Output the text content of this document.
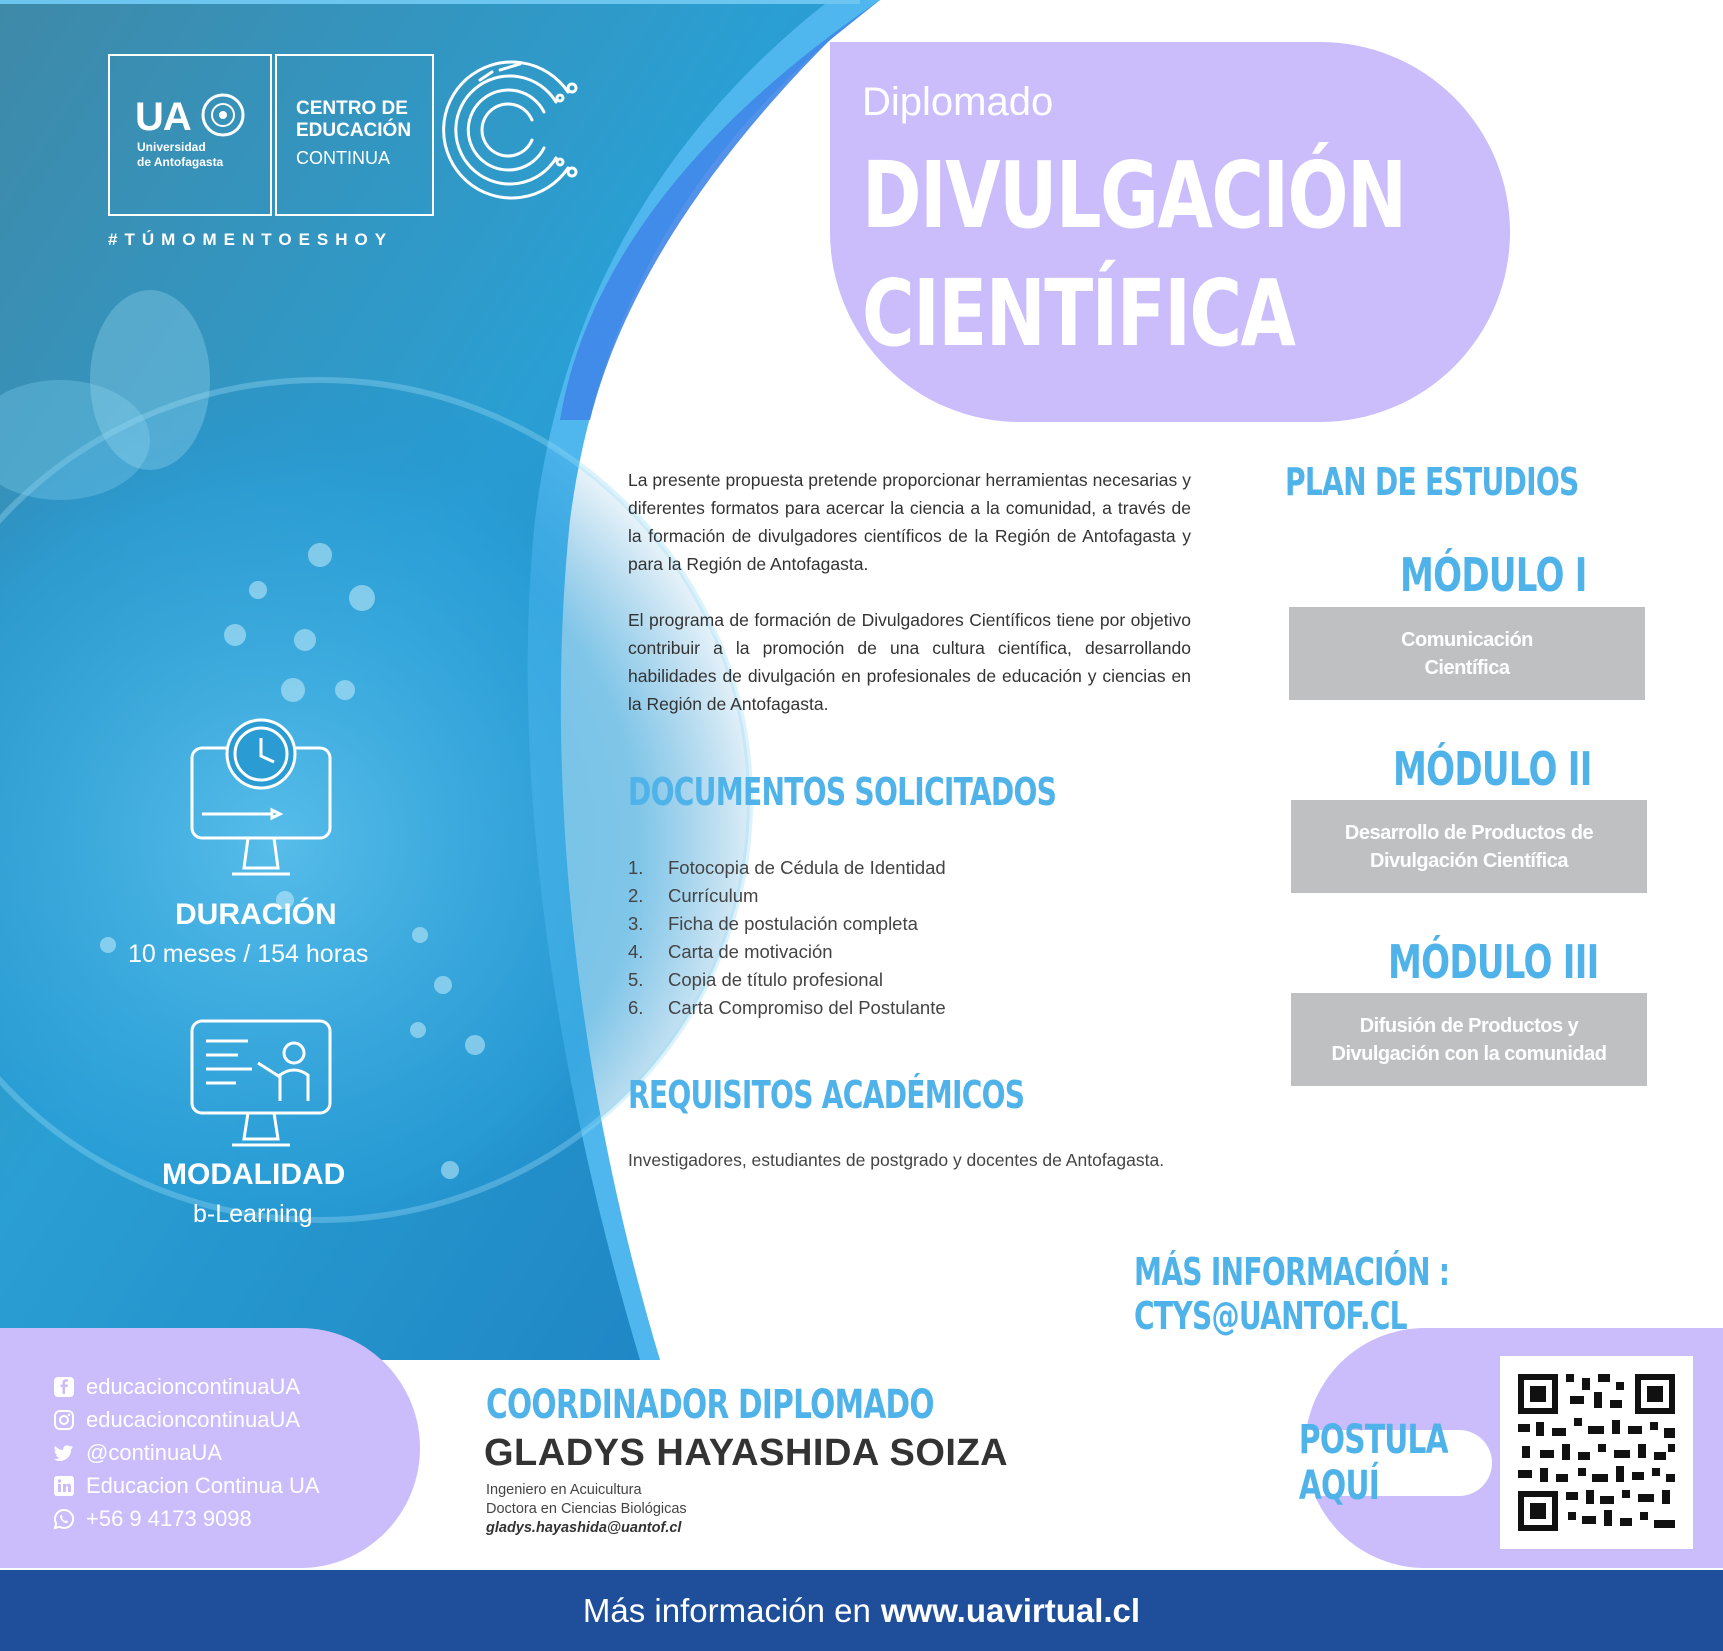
UA
Universidad
de Antofagasta
...
CENTRO DE
EDUCACIÓN
CONTINUA
#TÚMOMENTOESHOY
Diplomado
DIVULGACIÓN
CIENTÍFICA
DURACIÓN
10 meses / 154 horas
MODALIDAD
b-Learning
La presente propuesta pretende proporcionar herramientas necesarias y diferentes formatos para acercar la ciencia a la comunidad, a través de la formación de divulgadores científicos de la Región de Antofagasta y para la Región de Antofagasta.
El programa de formación de Divulgadores Científicos tiene por objetivo contribuir a la promoción de una cultura científica, desarrollando habilidades de divulgación en profesionales de educación y ciencias en la Región de Antofagasta.
DOCUMENTOS SOLICITADOS
1. Fotocopia de Cédula de Identidad
2. Currículum
3. Ficha de postulación completa
4. Carta de motivación
5. Copia de título profesional
6. Carta Compromiso del Postulante
REQUISITOS ACADÉMICOS
Investigadores, estudiantes de postgrado y docentes de Antofagasta.
PLAN DE ESTUDIOS
MÓDULO I
Comunicación
Científica
MÓDULO II
Desarrollo de Productos de
Divulgación Científica
MÓDULO III
Difusión de Productos y
Divulgación con la comunidad
MÁS INFORMACIÓN : CTYS@UANTOF.CL
educacioncontinuaUA
educacioncontinuaUA
@continuaUA
Educacion Continua UA
+56 9 4173 9098
COORDINADOR DIPLOMADO
GLADYS HAYASHIDA SOIZA
Ingeniero en Acuicultura
Doctora en Ciencias Biológicas
gladys.hayashida@uantof.cl
POSTULA AQUÍ
Más información en www.uavirtual.cl
